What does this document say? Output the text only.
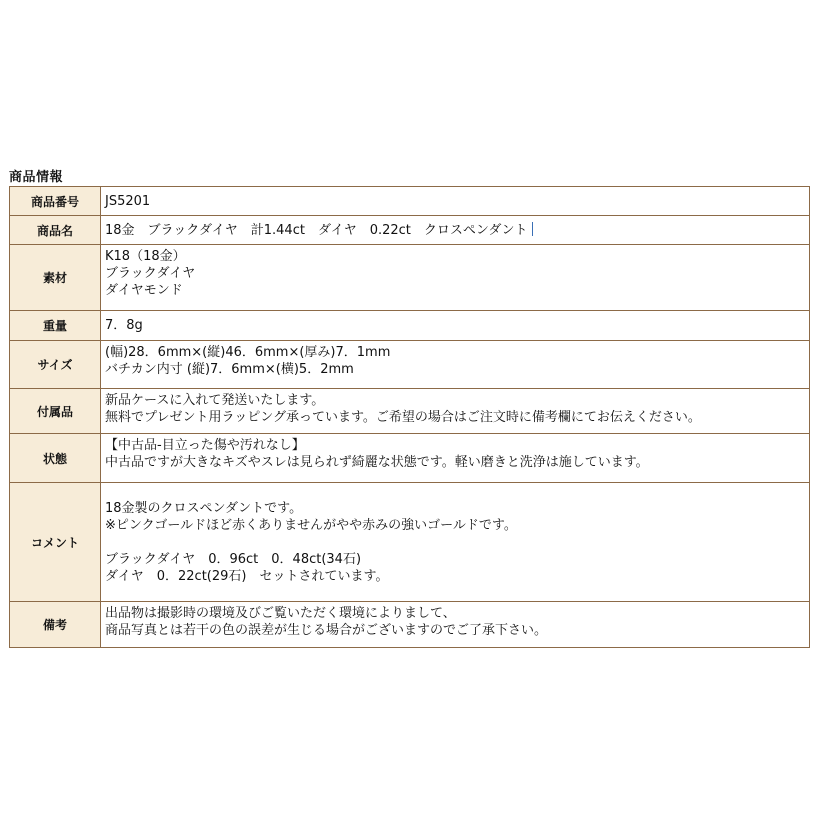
商品情報
商品番号	JS5201

商品名	18金　ブラックダイヤ　計1.44ct　ダイヤ　0.22ct　クロスペンダント
素材	K18（18金）
ブラックダイヤ
ダイヤモンド

重量	7．8g

サイズ	(幅)28．6mm×(縦)46．6mm×(厚み)7．1mm
バチカン内寸 (縦)7．6mm×(横)5．2mm

付属品	新品ケースに入れて発送いたします。
無料でプレゼント用ラッピング承っています。ご希望の場合はご注文時に備考欄にてお伝えください。

状態	【中古品-目立った傷や汚れなし】
中古品ですが大きなキズやスレは見られず綺麗な状態です。軽い磨きと洗浄は施しています。

コメント	18金製のクロスペンダントです。
※ピンクゴールドほど赤くありませんがやや赤みの強いゴールドです。
ブラックダイヤ　0．96ct　0．48ct(34石)
ダイヤ　0．22ct(29石)　セットされています。

備考	出品物は撮影時の環境及びご覧いただく環境によりまして、
商品写真とは若干の色の誤差が生じる場合がございますのでご了承下さい。
